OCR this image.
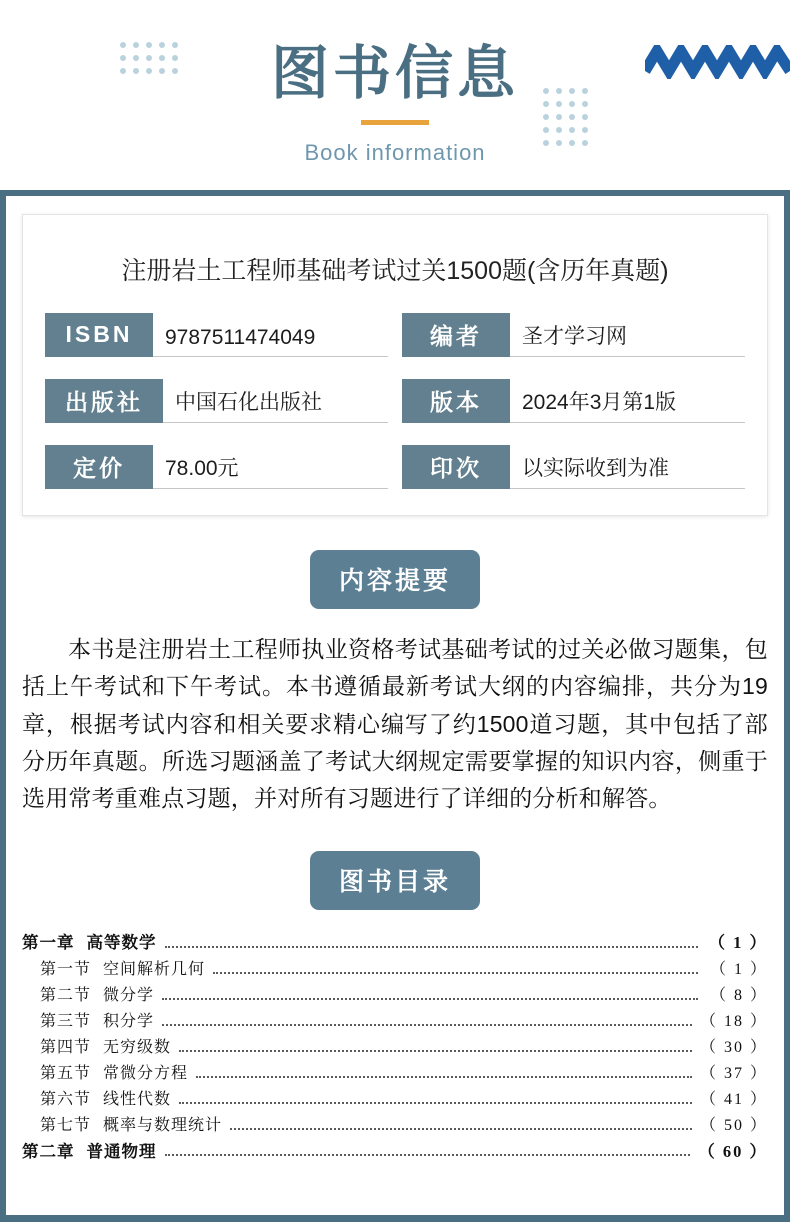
图书信息
Book information
注册岩土工程师基础考试过关1500题(含历年真题)
ISBN	9787511474049	编者	圣才学习网
出版社	中国石化出版社	版本	2024年3月第1版
定价	78.00元	印次	以实际收到为准
内容提要
本书是注册岩土工程师执业资格考试基础考试的过关必做习题集，包括上午考试和下午考试。本书遵循最新考试大纲的内容编排，共分为19章，根据考试内容和相关要求精心编写了约1500道习题，其中包括了部分历年真题。所选习题涵盖了考试大纲规定需要掌握的知识内容，侧重于选用常考重难点习题，并对所有习题进行了详细的分析和解答。
图书目录
第一章 高等数学	（ 1 ）
第一节 空间解析几何	（ 1 ）
第二节 微分学	（ 8 ）
第三节 积分学	（ 18 ）
第四节 无穷级数	（ 30 ）
第五节 常微分方程	（ 37 ）
第六节 线性代数	（ 41 ）
第七节 概率与数理统计	（ 50 ）
第二章 普通物理	（ 60 ）
